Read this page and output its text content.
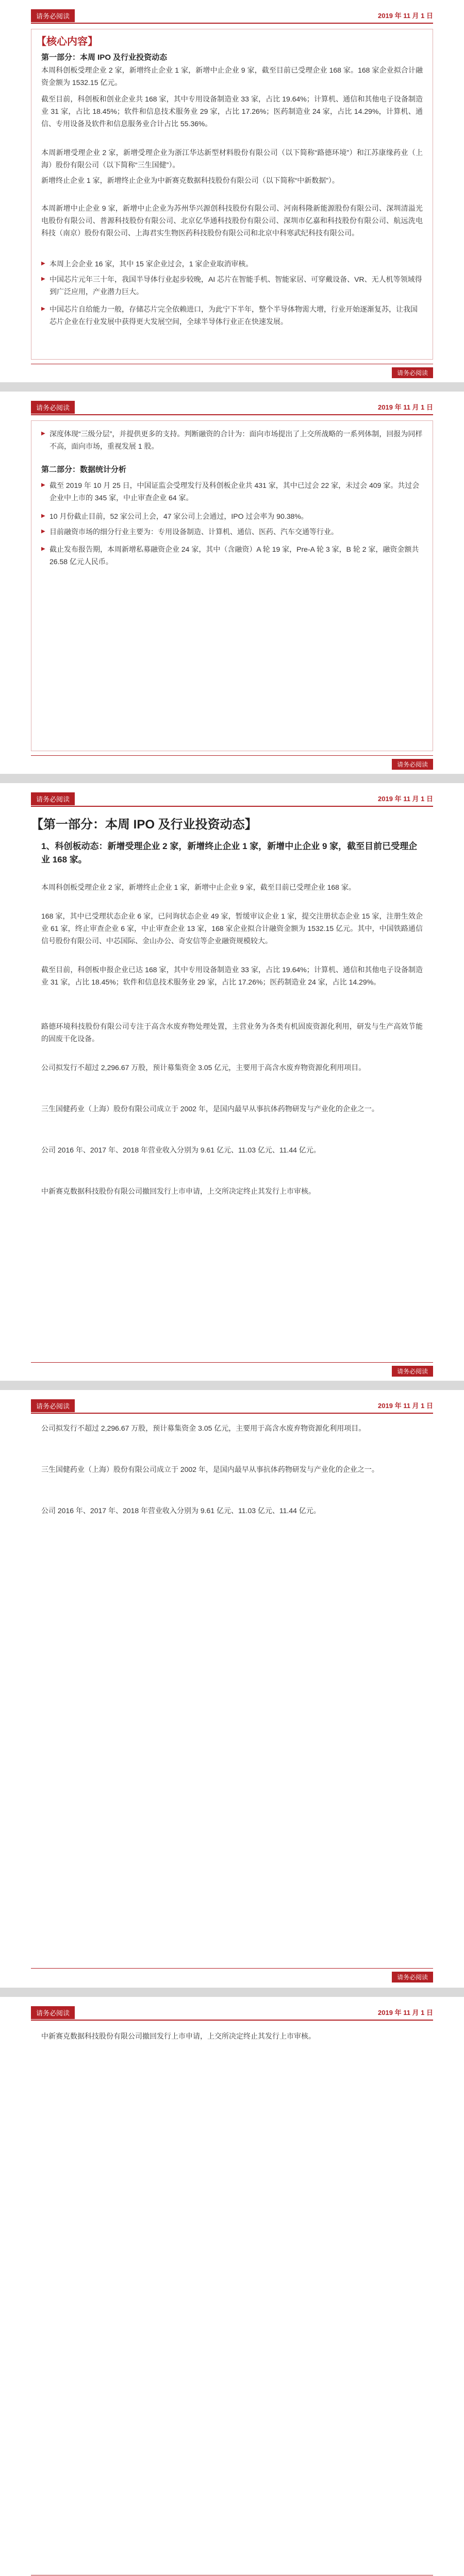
请务必阅读	2019 年 11 月 1 日
【核心内容】
第一部分：本周 IPO 及行业投资动态
本周科创板受理企业 2 家，新增终止企业 1 家，新增中止企业 9 家，截至目前已受理企业 168 家。168 家企业拟合计融资金额为 1532.15 亿元。
截至目前，科创板和创业企业共 168 家，其中专用设备制造业 33 家，占比 19.64%；计算机、通信和其他电子设备制造业 31 家，占比 18.45%；软件和信息技术服务业 29 家，占比 17.26%；医药制造业 24 家，占比 14.29%，计算机、通信、专用设备及软件和信息服务业合计占比 55.36%。
本周新增受理企业 2 家，新增受理企业为浙江华达新型材料股份有限公司（以下简称“路德环境”）和江苏康缘药业（上海）股份有限公司（以下简称“三生国健”）。
新增终止企业 1 家，新增终止企业为中新赛克数据科技股份有限公司（以下简称“中新数据”）。
本周新增中止企业 9 家，新增中止企业为苏州华兴源创科技股份有限公司、河南科隆新能源股份有限公司、深圳清溢光电股份有限公司、普源科技股份有限公司、北京亿华通科技股份有限公司、深圳市亿嘉和科技股份有限公司、航远洗电科技（南京）股份有限公司、上海君实生物医药科技股份有限公司和北京中科寒武纪科技有限公司。
▶ 本周上会企业 16 家，其中 15 家企业过会，1 家企业取消审核。
▶ 中国芯片元年三十年，我国半导体行业起步较晚，AI 芯片在智能手机、智能家居、可穿戴设备、VR、无人机等领域得到广泛应用，产业潜力巨大。
▶ 中国芯片自给能力一般，存储芯片完全依赖进口，为此宁下半年，整个半导体物需大增，行业开始逐渐复苏，让我国芯片企业在行业发展中获得更大发展空间，全球半导体行业正在快速发展。
请务必阅读
请务必阅读	2019 年 11 月 1 日
▶ 深度体现“三级分层”，并提供更多的支持。判断融资的合计为：面向市场提出了上交所战略的一系列体制，回报为同样不高，面向市场，重视发展 1 股。
第二部分：数据统计分析
▶ 截至 2019 年 10 月 25 日，中国证监会受理发行及科创板企业共 431 家，其中已过会 22 家，未过会 409 家。共过会企业中上市的 345 家，中止审查企业 64 家。
▶ 10 月份截止目前，52 家公司上会，47 家公司上会通过，IPO 过会率为 90.38%。
▶ 目前融资市场的细分行业主要为：专用设备制造、计算机、通信、医药、汽车交通等行业。
▶ 截止发布报告期，本周新增私募融资企业 24 家，其中（含融资）A 轮 19 家，Pre-A 轮 3 家，B 轮 2 家，融资金额共 26.58 亿元人民币。
请务必阅读
请务必阅读	2019 年 11 月 1 日
【第一部分：本周 IPO 及行业投资动态】
1、科创板动态：新增受理企业 2 家，新增终止企业 1 家，新增中止企业 9 家，截至目前已受理企业 168 家。
本周科创板受理企业 2 家，新增终止企业 1 家，新增中止企业 9 家，截至目前已受理企业 168 家。
168 家，其中已受理状态企业 6 家，已问询状态企业 49 家，暂缓审议企业 1 家，提交注册状态企业 15 家，注册生效企业 61 家，终止审查企业 6 家，中止审查企业 13 家，168 家企业拟合计融资金额为 1532.15 亿元。其中，中国铁路通信信号股份有限公司、中芯国际、金山办公、奇安信等企业融资规模较大。
截至目前，科创板申报企业已达 168 家，其中专用设备制造业 33 家，占比 19.64%；计算机、通信和其他电子设备制造业 31 家，占比 18.45%；软件和信息技术服务业 29 家，占比 17.26%；医药制造业 24 家，占比 14.29%。
路德环境科技股份有限公司专注于高含水废弃物处理处置，主营业务为各类有机固废资源化利用，研发与生产高效节能的固废干化设备。
公司拟发行不超过 2,296.67 万股，预计募集资金 3.05 亿元，主要用于高含水废弃物资源化利用项目。
三生国健药业（上海）股份有限公司成立于 2002 年，是国内最早从事抗体药物研发与产业化的企业之一。
公司 2016 年、2017 年、2018 年营业收入分别为 9.61 亿元、11.03 亿元、11.44 亿元。
中新赛克数据科技股份有限公司撤回发行上市申请，上交所决定终止其发行上市审核。
请务必阅读
请务必阅读	2019 年 11 月 1 日
公司拟发行不超过 2,296.67 万股，预计募集资金 3.05 亿元，主要用于高含水废弃物资源化利用项目。
三生国健药业（上海）股份有限公司成立于 2002 年，是国内最早从事抗体药物研发与产业化的企业之一。
公司 2016 年、2017 年、2018 年营业收入分别为 9.61 亿元、11.03 亿元、11.44 亿元。
请务必阅读
请务必阅读	2019 年 11 月 1 日
中新赛克数据科技股份有限公司撤回发行上市申请，上交所决定终止其发行上市审核。
